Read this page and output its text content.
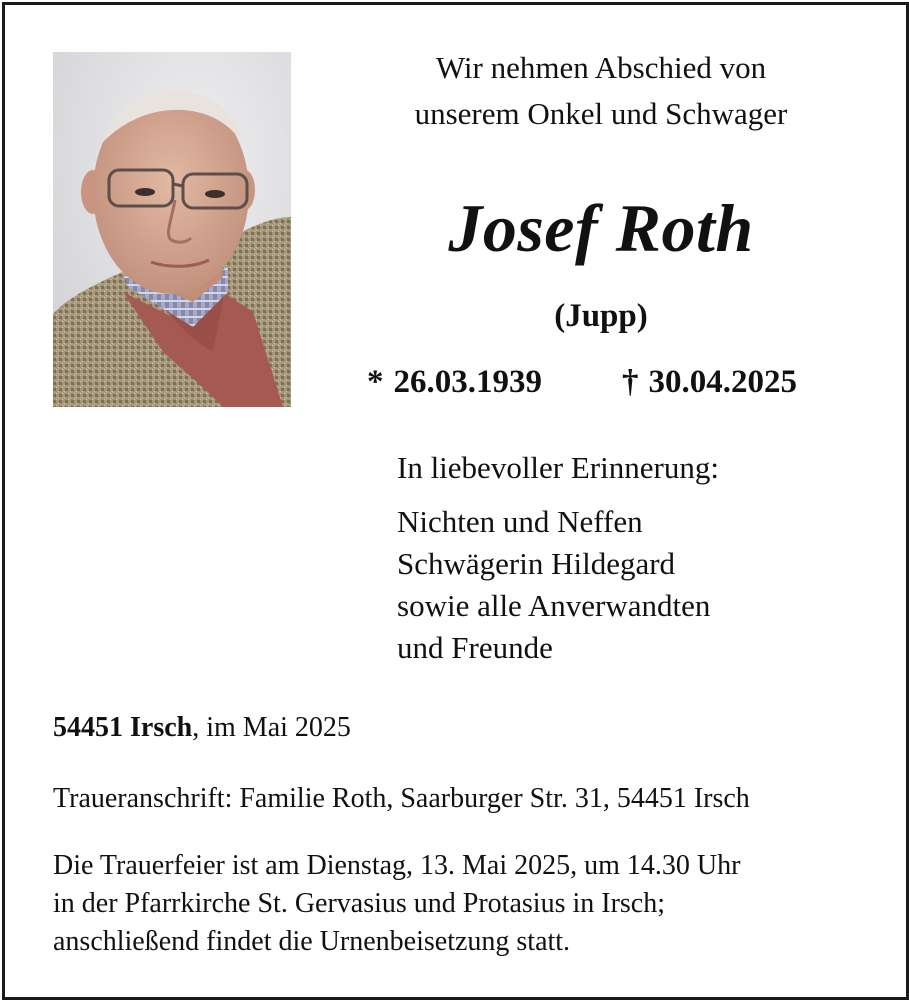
Wir nehmen Abschied von
unserem Onkel und Schwager
Josef Roth
(Jupp)
* 26.03.1939 † 30.04.2025
In liebevoller Erinnerung:
Nichten und Neffen
Schwägerin Hildegard
sowie alle Anverwandten
und Freunde
54451 Irsch, im Mai 2025
Traueranschrift: Familie Roth, Saarburger Str. 31, 54451 Irsch
Die Trauerfeier ist am Dienstag, 13. Mai 2025, um 14.30 Uhr
in der Pfarrkirche St. Gervasius und Protasius in Irsch;
anschließend findet die Urnenbeisetzung statt.
